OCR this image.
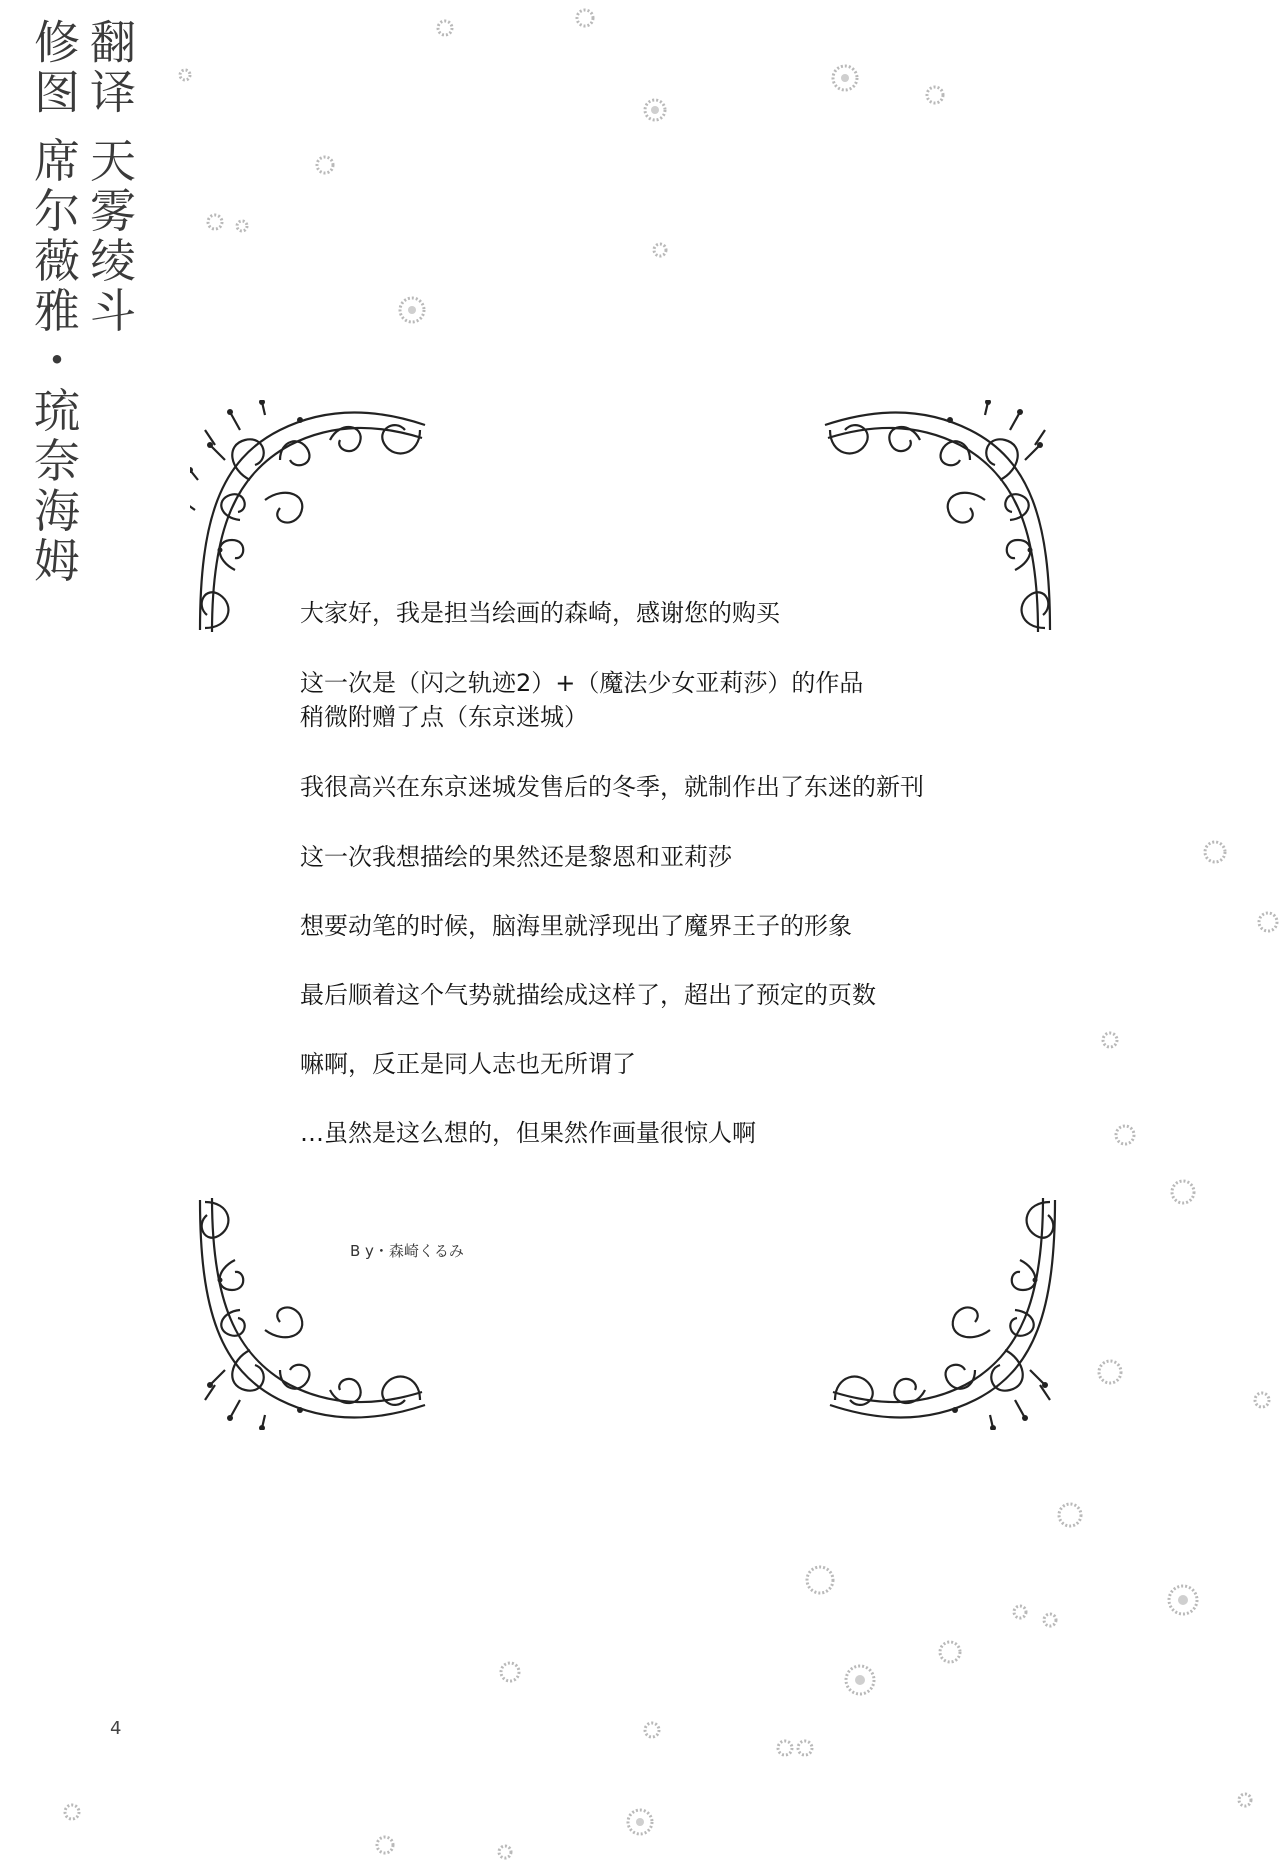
翻译 天雾绫斗
修图 席尔薇雅・琉奈海姆
大家好，我是担当绘画的森崎，感谢您的购买
这一次是（闪之轨迹2）+（魔法少女亚莉莎）的作品
稍微附赠了点（东京迷城）
我很高兴在东京迷城发售后的冬季，就制作出了东迷的新刊
这一次我想描绘的果然还是黎恩和亚莉莎
想要动笔的时候，脑海里就浮现出了魔界王子的形象
最后顺着这个气势就描绘成这样了，超出了预定的页数
嘛啊，反正是同人志也无所谓了
…虽然是这么想的，但果然作画量很惊人啊
B y・森崎くるみ
4
